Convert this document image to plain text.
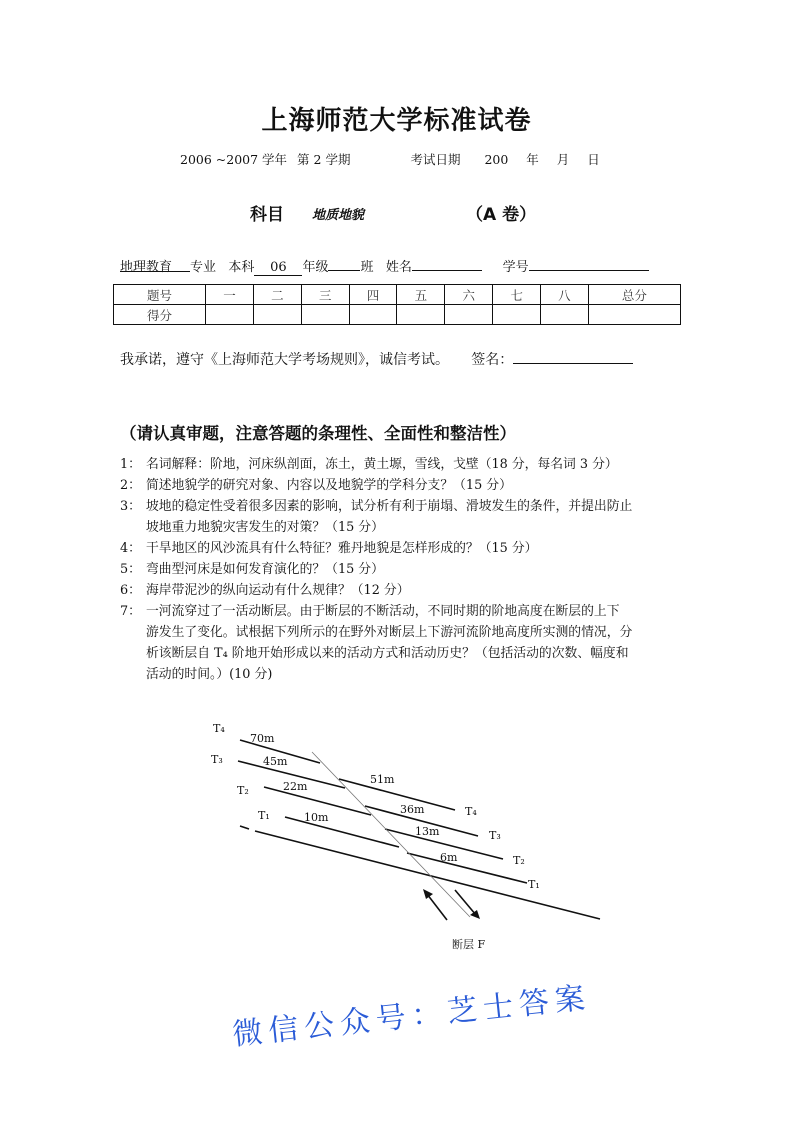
上海师范大学标准试卷
2006 ~2007 学年 第 2 学期	考试日期 200 年 月 日
科目 地质地貌	（A 卷）
地理教育 专业 本科 06 年级 班 姓名	学号
题号	一	二	三	四	五	六	七	八	总分
得分									
我承诺，遵守《上海师范大学考场规则》，诚信考试。 签名：
（请认真审题，注意答题的条理性、全面性和整洁性）
1： 名词解释：阶地，河床纵剖面，冻土，黄土塬，雪线，戈壁（18 分，每名词 3 分）
2： 简述地貌学的研究对象、内容以及地貌学的学科分支？（15 分）
3： 坡地的稳定性受着很多因素的影响，试分析有利于崩塌、滑坡发生的条件，并提出防止
坡地重力地貌灾害发生的对策？（15 分）
4： 干旱地区的风沙流具有什么特征？雅丹地貌是怎样形成的？（15 分）
5： 弯曲型河床是如何发育演化的？（15 分）
6： 海岸带泥沙的纵向运动有什么规律？（12 分）
7： 一河流穿过了一活动断层。由于断层的不断活动，不同时期的阶地高度在断层的上下
游发生了变化。试根据下列所示的在野外对断层上下游河流阶地高度所实测的情况，分
析该断层自 T₄ 阶地开始形成以来的活动方式和活动历史？（包括活动的次数、幅度和
活动的时间。）(10 分)
T₄
T₃
T₂
T₁
70m
45m
22m
10m
51m
36m
13m
6m
T₄
T₃
T₂
T₁
断层 F
微信公众号：芝士答案
